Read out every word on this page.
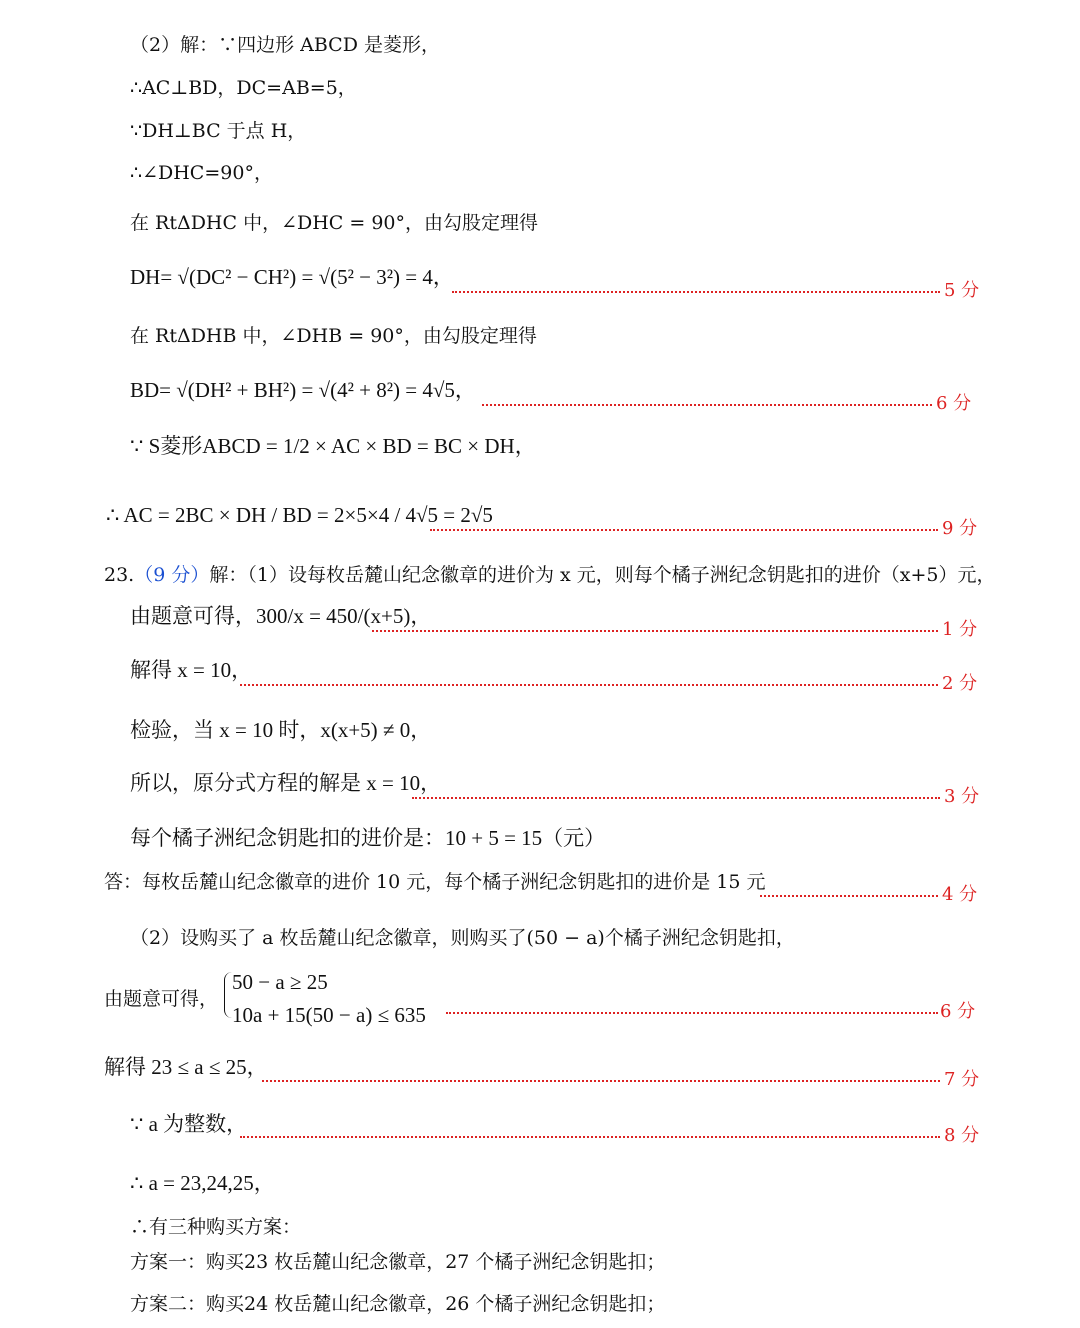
（2）解：∵四边形 ABCD 是菱形，
∴AC⊥BD，DC=AB=5，
∵DH⊥BC 于点 H，
∴∠DHC=90°，
在 RtΔDHC 中，∠DHC = 90°，由勾股定理得
DH= √(DC² − CH²) = √(5² − 3²) = 4，
5 分
在 RtΔDHB 中，∠DHB = 90°，由勾股定理得
BD= √(DH² + BH²) = √(4² + 8²) = 4√5，
6 分
∵ S菱形ABCD = 1/2 × AC × BD = BC × DH，
∴ AC = 2BC × DH / BD = 2×5×4 / 4√5 = 2√5
9 分
23.（9 分）解：（1）设每枚岳麓山纪念徽章的进价为 x 元，则每个橘子洲纪念钥匙扣的进价（x+5）元，
由题意可得，300/x = 450/(x+5)，
1 分
解得 x = 10，
2 分
检验，当 x = 10 时，x(x+5) ≠ 0，
所以，原分式方程的解是 x = 10，
3 分
每个橘子洲纪念钥匙扣的进价是：10 + 5 = 15（元）
答：每枚岳麓山纪念徽章的进价 10 元，每个橘子洲纪念钥匙扣的进价是 15 元
4 分
（2）设购买了 a 枚岳麓山纪念徽章，则购买了(50 − a)个橘子洲纪念钥匙扣，
由题意可得，
50 − a ≥ 25
10a + 15(50 − a) ≤ 635	6 分
解得 23 ≤ a ≤ 25，
7 分
∵ a 为整数，	8 分
∴ a = 23,24,25，
∴有三种购买方案：
方案一：购买23 枚岳麓山纪念徽章，27 个橘子洲纪念钥匙扣；
方案二：购买24 枚岳麓山纪念徽章，26 个橘子洲纪念钥匙扣；
